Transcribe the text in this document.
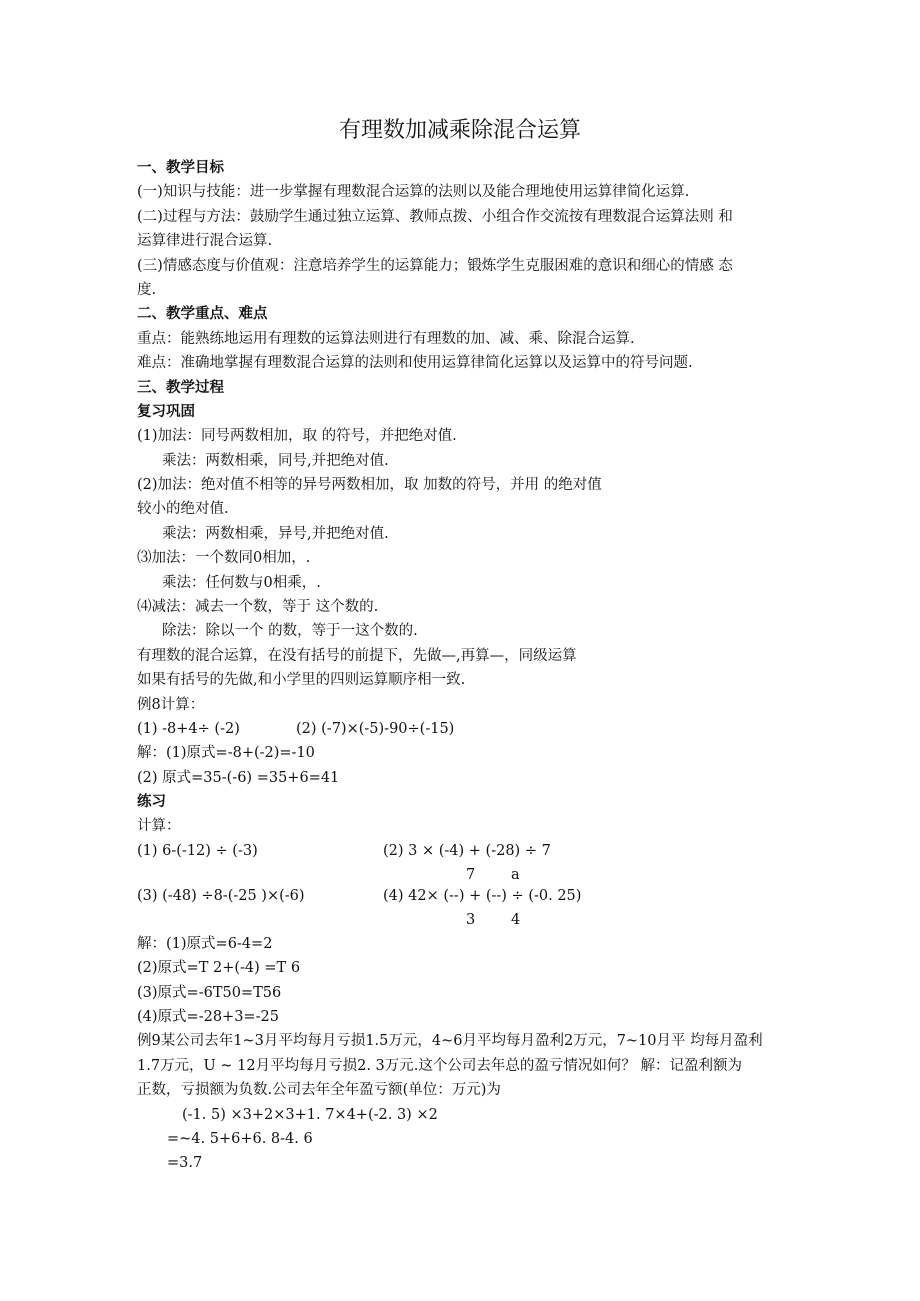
有理数加减乘除混合运算
一、教学目标
(一)知识与技能：进一步掌握有理数混合运算的法则以及能合理地使用运算律简化运算.
(二)过程与方法：鼓励学生通过独立运算、教师点拨、小组合作交流按有理数混合运算法则 和
运算律进行混合运算.
(三)情感态度与价值观：注意培养学生的运算能力；锻炼学生克服困难的意识和细心的情感 态
度.
二、教学重点、难点
重点：能熟练地运用有理数的运算法则进行有理数的加、减、乘、除混合运算.
难点：准确地掌握有理数混合运算的法则和使用运算律简化运算以及运算中的符号问题.
三、教学过程
复习巩固
(1)加法：同号两数相加，取 的符号，并把绝对值.
乘法：两数相乘，同号,并把绝对值.
(2)加法：绝对值不相等的异号两数相加，取 加数的符号，并用 的绝对值
较小的绝对值.
乘法：两数相乘，异号,并把绝对值.
⑶加法：一个数同0相加，.
乘法：任何数与0相乘，.
⑷减法：减去一个数，等于 这个数的.
除法：除以一个 的数，等于一这个数的.
有理数的混合运算，在没有括号的前提下，先做—,再算—，同级运算
如果有括号的先做,和小学里的四则运算顺序相一致.
例8计算：
(1) -8+4÷ (-2)	(2) (-7)×(-5)-90÷(-15)
解：(1)原式=-8+(-2)=-10
(2) 原式=35-(-6) =35+6=41
练习
计算：
(1) 6-(-12) ÷ (-3)	(2) 3 × (-4) + (-28) ÷ 7
7 a
(3) (-48) ÷8-(-25 )×(-6)	(4) 42× (--) + (--) ÷ (-0. 25)
3 4
解：(1)原式=6-4=2
(2)原式=T 2+(-4) =T 6
(3)原式=-6T50=T56
(4)原式=-28+3=-25
例9某公司去年1~3月平均每月亏损1.5万元，4~6月平均每月盈利2万元，7~10月平 均每月盈利
1.7万元，U ~ 12月平均每月亏损2. 3万元.这个公司去年总的盈亏情况如何？ 解：记盈利额为
正数，亏损额为负数.公司去年全年盈亏额(单位：万元)为
(-1. 5) ×3+2×3+1. 7×4+(-2. 3) ×2
=~4. 5+6+6. 8-4. 6
=3.7
